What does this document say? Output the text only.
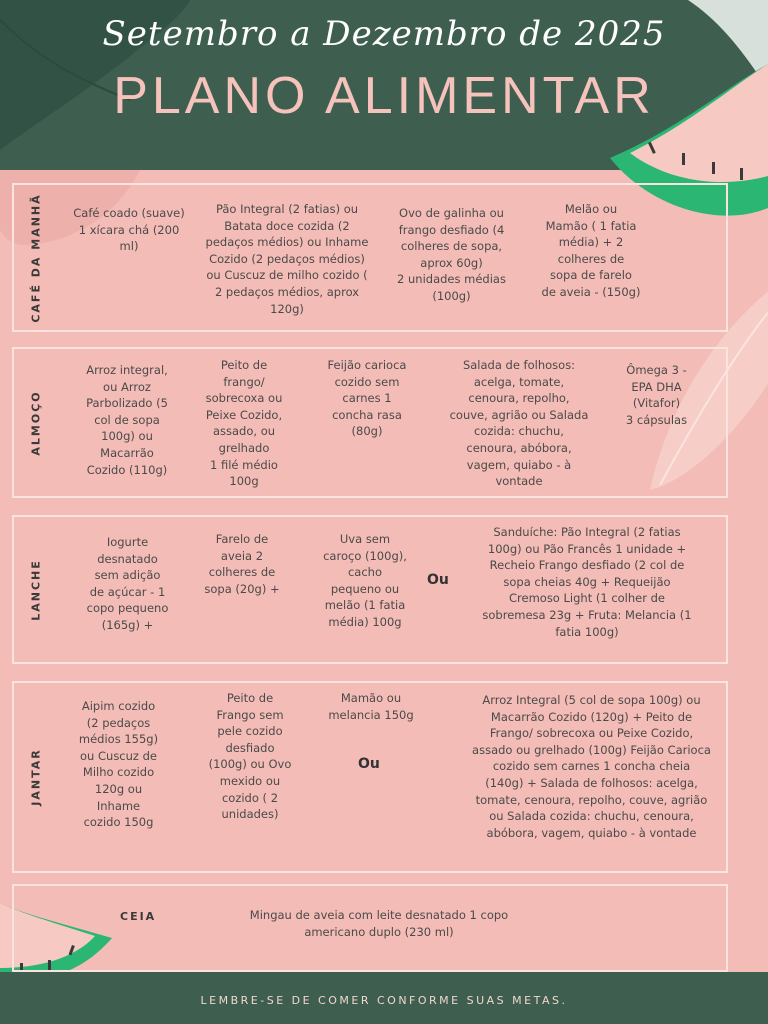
Setembro a Dezembro de 2025
PLANO ALIMENTAR
CAFÉ DA MANHÃ	Café coado (suave)
1 xícara chá (200
ml)
Pão Integral (2 fatias) ou
Batata doce cozida (2
pedaços médios) ou Inhame
Cozido (2 pedaços médios)
ou Cuscuz de milho cozido (
2 pedaços médios, aprox
120g)
Ovo de galinha ou
frango desfiado (4
colheres de sopa,
aprox 60g)
2 unidades médias
(100g)
Melão ou
Mamão ( 1 fatia
média) + 2
colheres de
sopa de farelo
de aveia - (150g)
ALMOÇO
Arroz integral,
ou Arroz
Parbolizado (5
col de sopa
100g) ou
Macarrão
Cozido (110g)
Peito de
frango/
sobrecoxa ou
Peixe Cozido,
assado, ou
grelhado
1 filé médio
100g
Feijão carioca
cozido sem
carnes 1
concha rasa
(80g)
Salada de folhosos:
acelga, tomate,
cenoura, repolho,
couve, agrião ou Salada
cozida: chuchu,
cenoura, abóbora,
vagem, quiabo - à
vontade
Ômega 3 -
EPA DHA
(Vitafor)
3 cápsulas
LANCHE
Iogurte
desnatado
sem adição
de açúcar - 1
copo pequeno
(165g) +
Farelo de
aveia 2
colheres de
sopa (20g) +
Uva sem
caroço (100g),
cacho
pequeno ou
melão (1 fatia
média) 100g
Ou
Sanduíche: Pão Integral (2 fatias
100g) ou Pão Francês 1 unidade +
Recheio Frango desfiado (2 col de
sopa cheias 40g + Requeijão
Cremoso Light (1 colher de
sobremesa 23g + Fruta: Melancia (1
fatia 100g)
JANTAR
Aipim cozido
(2 pedaços
médios 155g)
ou Cuscuz de
Milho cozido
120g ou
Inhame
cozido 150g
Peito de
Frango sem
pele cozido
desfiado
(100g) ou Ovo
mexido ou
cozido ( 2
unidades)
Mamão ou
melancia 150g
Ou
Arroz Integral (5 col de sopa 100g) ou
Macarrão Cozido (120g) + Peito de
Frango/ sobrecoxa ou Peixe Cozido,
assado ou grelhado (100g) Feijão Carioca
cozido sem carnes 1 concha cheia
(140g) + Salada de folhosos: acelga,
tomate, cenoura, repolho, couve, agrião
ou Salada cozida: chuchu, cenoura,
abóbora, vagem, quiabo - à vontade
CEIA	Mingau de aveia com leite desnatado 1 copo
americano duplo (230 ml)
LEMBRE-SE DE COMER CONFORME SUAS METAS.
